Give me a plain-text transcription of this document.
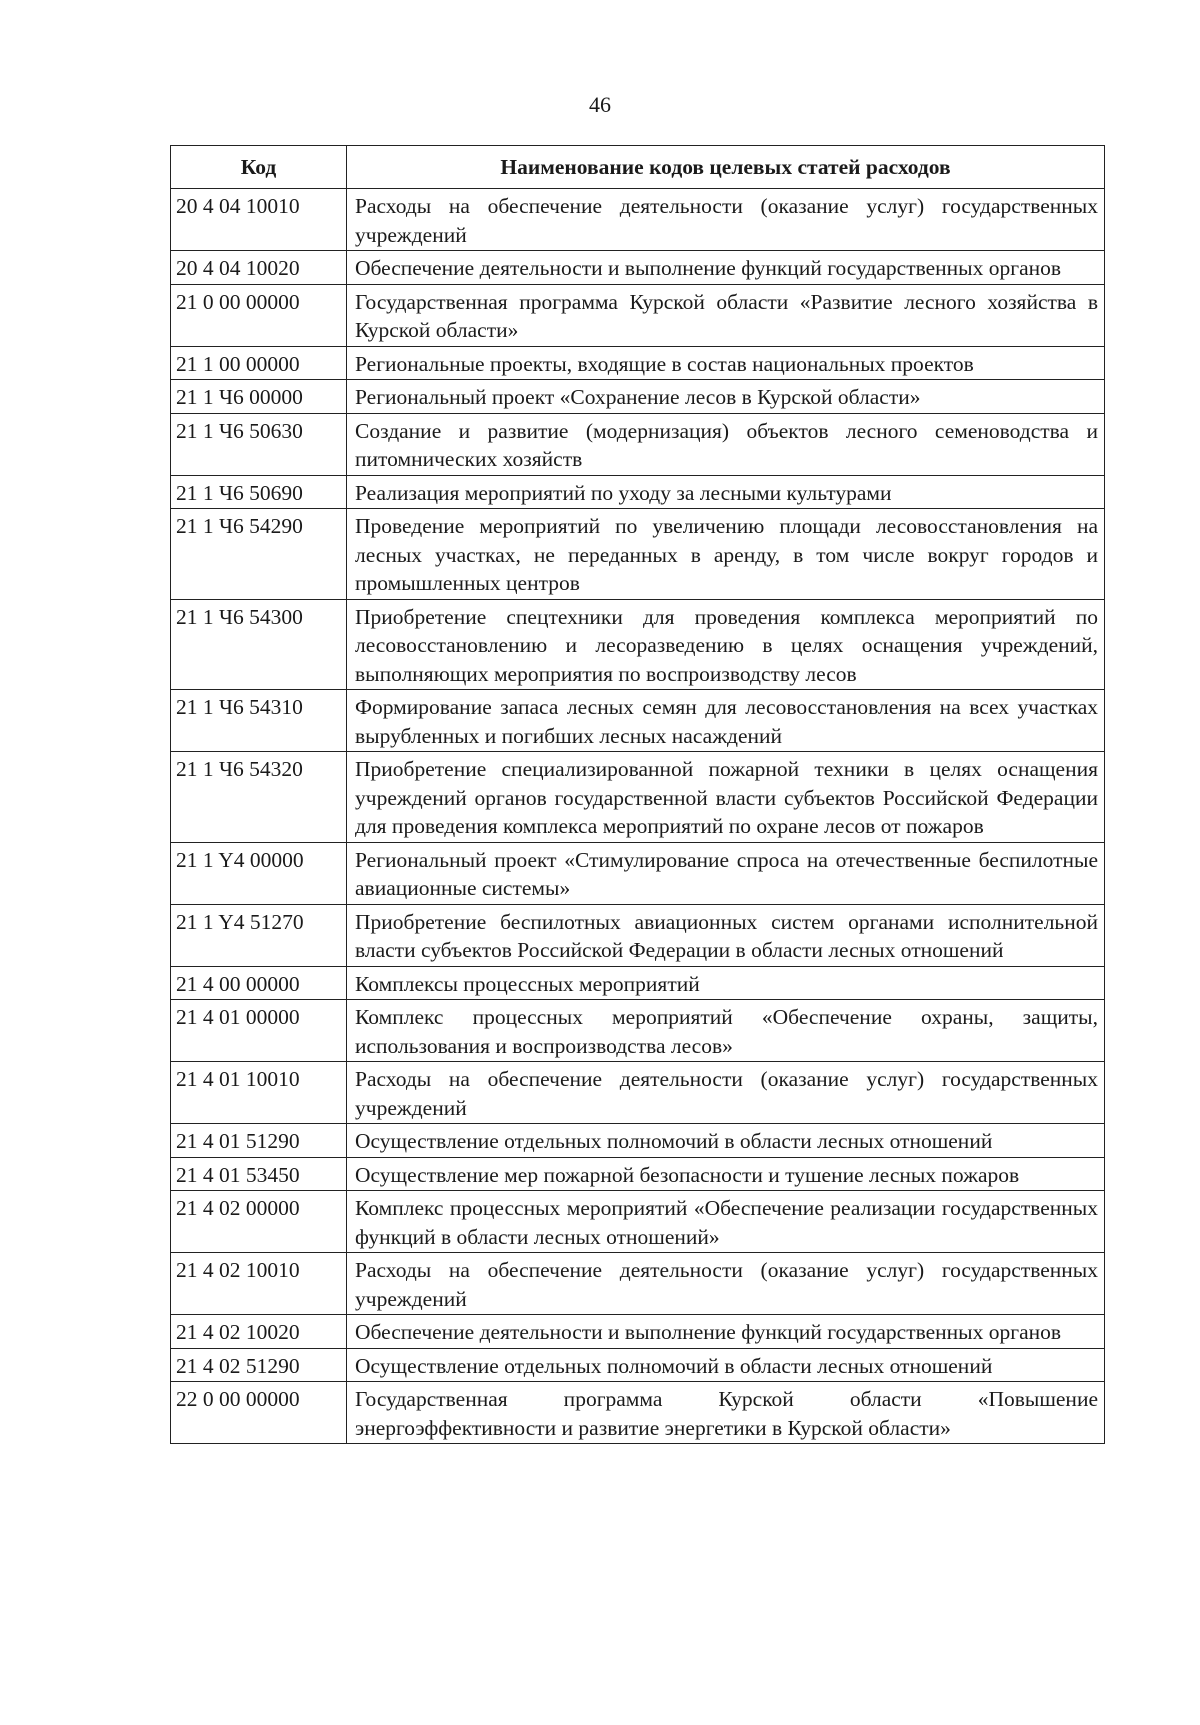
46
Код	Наименование кодов целевых статей расходов
20 4 04 10010	Расходы на обеспечение деятельности (оказание услуг) государственных учреждений
20 4 04 10020	Обеспечение деятельности и выполнение функций государственных органов
21 0 00 00000	Государственная программа Курской области «Развитие лесного хозяйства в Курской области»
21 1 00 00000	Региональные проекты, входящие в состав национальных проектов
21 1 Ч6 00000	Региональный проект «Сохранение лесов в Курской области»
21 1 Ч6 50630	Создание и развитие (модернизация) объектов лесного семеноводства и питомнических хозяйств
21 1 Ч6 50690	Реализация мероприятий по уходу за лесными культурами
21 1 Ч6 54290	Проведение мероприятий по увеличению площади лесовосстановления на лесных участках, не переданных в аренду, в том числе вокруг городов и промышленных центров
21 1 Ч6 54300	Приобретение спецтехники для проведения комплекса мероприятий по лесовосстановлению и лесоразведению в целях оснащения учреждений, выполняющих мероприятия по воспроизводству лесов
21 1 Ч6 54310	Формирование запаса лесных семян для лесовосстановления на всех участках вырубленных и погибших лесных насаждений
21 1 Ч6 54320	Приобретение специализированной пожарной техники в целях оснащения учреждений органов государственной власти субъектов Российской Федерации для проведения комплекса мероприятий по охране лесов от пожаров
21 1 Y4 00000	Региональный проект «Стимулирование спроса на отечественные беспилотные авиационные системы»
21 1 Y4 51270	Приобретение беспилотных авиационных систем органами исполнительной власти субъектов Российской Федерации в области лесных отношений
21 4 00 00000	Комплексы процессных мероприятий
21 4 01 00000	Комплекс процессных мероприятий «Обеспечение охраны, защиты, использования и воспроизводства лесов»
21 4 01 10010	Расходы на обеспечение деятельности (оказание услуг) государственных учреждений
21 4 01 51290	Осуществление отдельных полномочий в области лесных отношений
21 4 01 53450	Осуществление мер пожарной безопасности и тушение лесных пожаров
21 4 02 00000	Комплекс процессных мероприятий «Обеспечение реализации государственных функций в области лесных отношений»
21 4 02 10010	Расходы на обеспечение деятельности (оказание услуг) государственных учреждений
21 4 02 10020	Обеспечение деятельности и выполнение функций государственных органов
21 4 02 51290	Осуществление отдельных полномочий в области лесных отношений
22 0 00 00000	Государственная программа Курской области «Повышение энергоэффективности и развитие энергетики в Курской области»
